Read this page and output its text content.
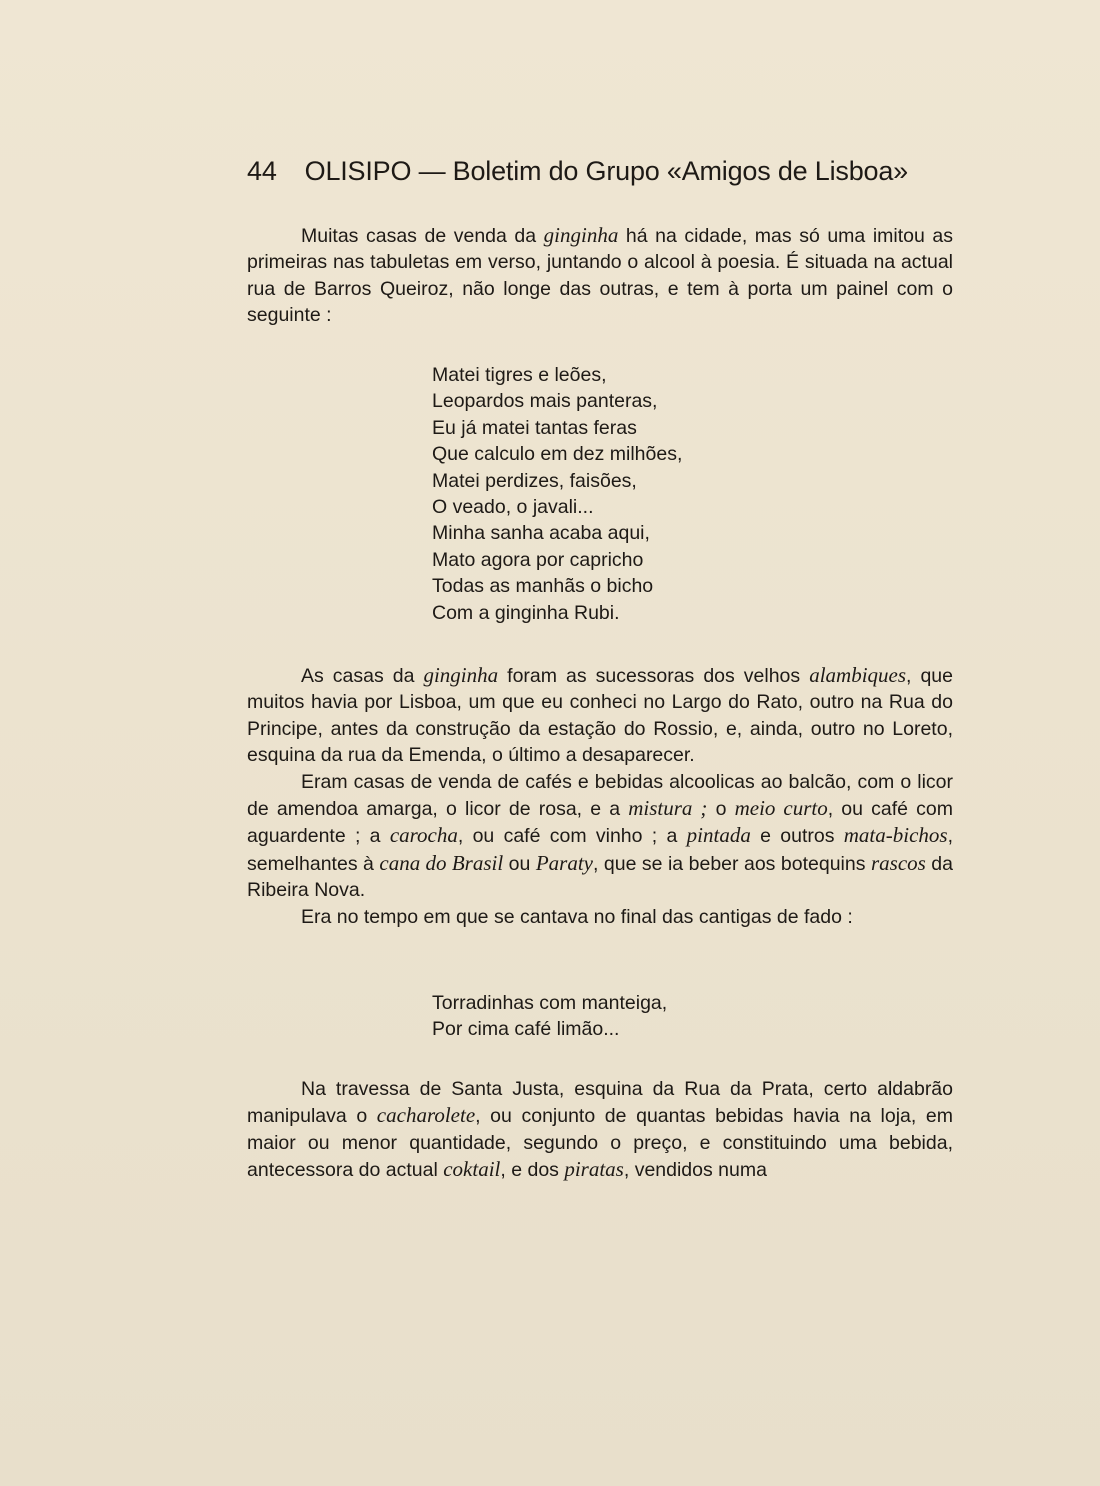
44 OLISIPO — Boletim do Grupo «Amigos de Lisboa»

Muitas casas de venda da ginginha há na cidade, mas só uma imitou as primeiras nas tabuletas em verso, juntando o alcool à poesia. É situada na actual rua de Barros Queiroz, não longe das outras, e tem à porta um painel com o seguinte :

Matei tigres e leões,
Leopardos mais panteras,
Eu já matei tantas feras
Que calculo em dez milhões,
Matei perdizes, faisões,
O veado, o javali...
Minha sanha acaba aqui,
Mato agora por capricho
Todas as manhãs o bicho
Com a ginginha Rubi.

As casas da ginginha foram as sucessoras dos velhos alambiques, que muitos havia por Lisboa, um que eu conheci no Largo do Rato, outro na Rua do Principe, antes da construção da estação do Rossio, e, ainda, outro no Loreto, esquina da rua da Emenda, o último a desaparecer.

Eram casas de venda de cafés e bebidas alcoolicas ao balcão, com o licor de amendoa amarga, o licor de rosa, e a mistura ; o meio curto, ou café com aguardente ; a carocha, ou café com vinho ; a pintada e outros mata-bichos, semelhantes à cana do Brasil ou Paraty, que se ia beber aos botequins rascos da Ribeira Nova.

Era no tempo em que se cantava no final das cantigas de fado :

Torradinhas com manteiga,
Por cima café limão...

Na travessa de Santa Justa, esquina da Rua da Prata, certo aldabrão manipulava o cacharolete, ou conjunto de quantas bebidas havia na loja, em maior ou menor quantidade, segundo o preço, e constituindo uma bebida, antecessora do actual coktail, e dos piratas, vendidos numa
